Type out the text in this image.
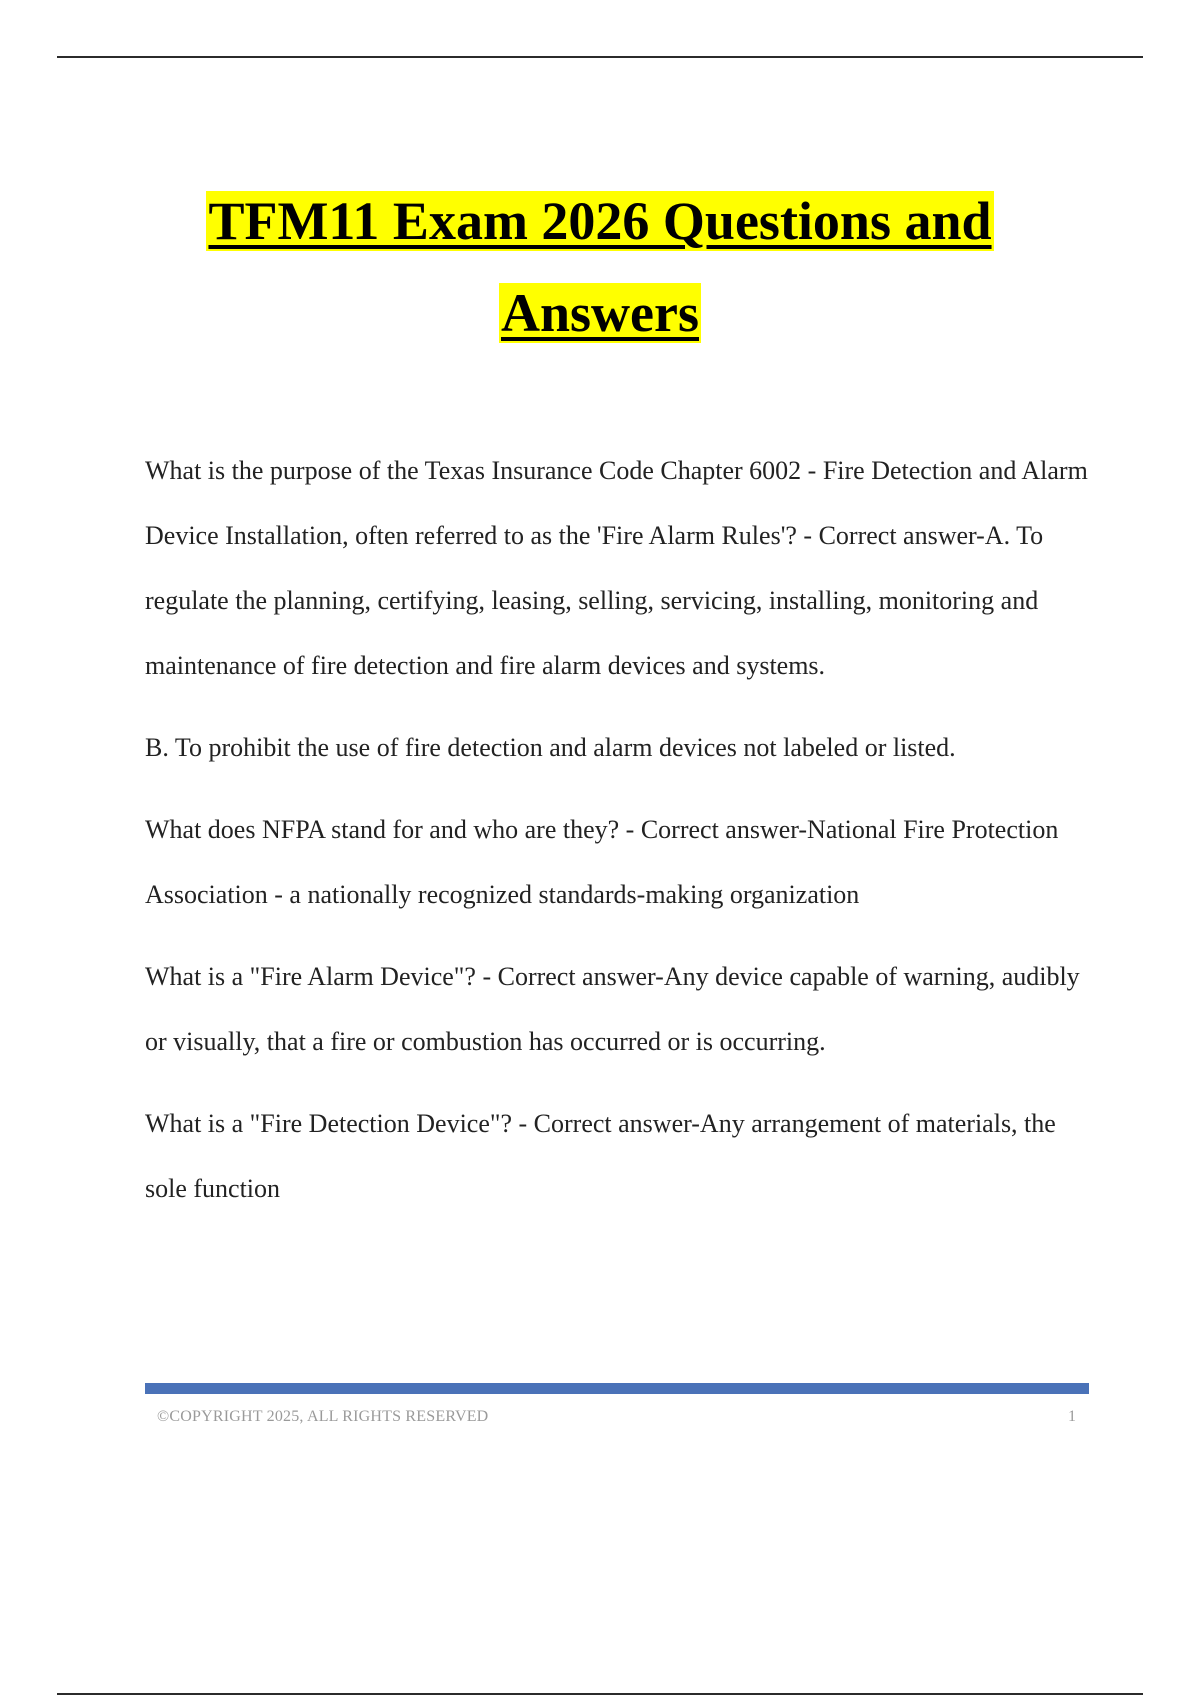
TFM11 Exam 2026 Questions and
Answers

What is the purpose of the Texas Insurance Code Chapter 6002 - Fire Detection and Alarm Device Installation, often referred to as the 'Fire Alarm Rules'? - Correct answer-A. To regulate the planning, certifying, leasing, selling, servicing, installing, monitoring and maintenance of fire detection and fire alarm devices and systems.

B. To prohibit the use of fire detection and alarm devices not labeled or listed.

What does NFPA stand for and who are they? - Correct answer-National Fire Protection Association - a nationally recognized standards-making organization

What is a "Fire Alarm Device"? - Correct answer-Any device capable of warning, audibly or visually, that a fire or combustion has occurred or is occurring.

What is a "Fire Detection Device"? - Correct answer-Any arrangement of materials, the sole function

©COPYRIGHT 2025, ALL RIGHTS RESERVED	1
